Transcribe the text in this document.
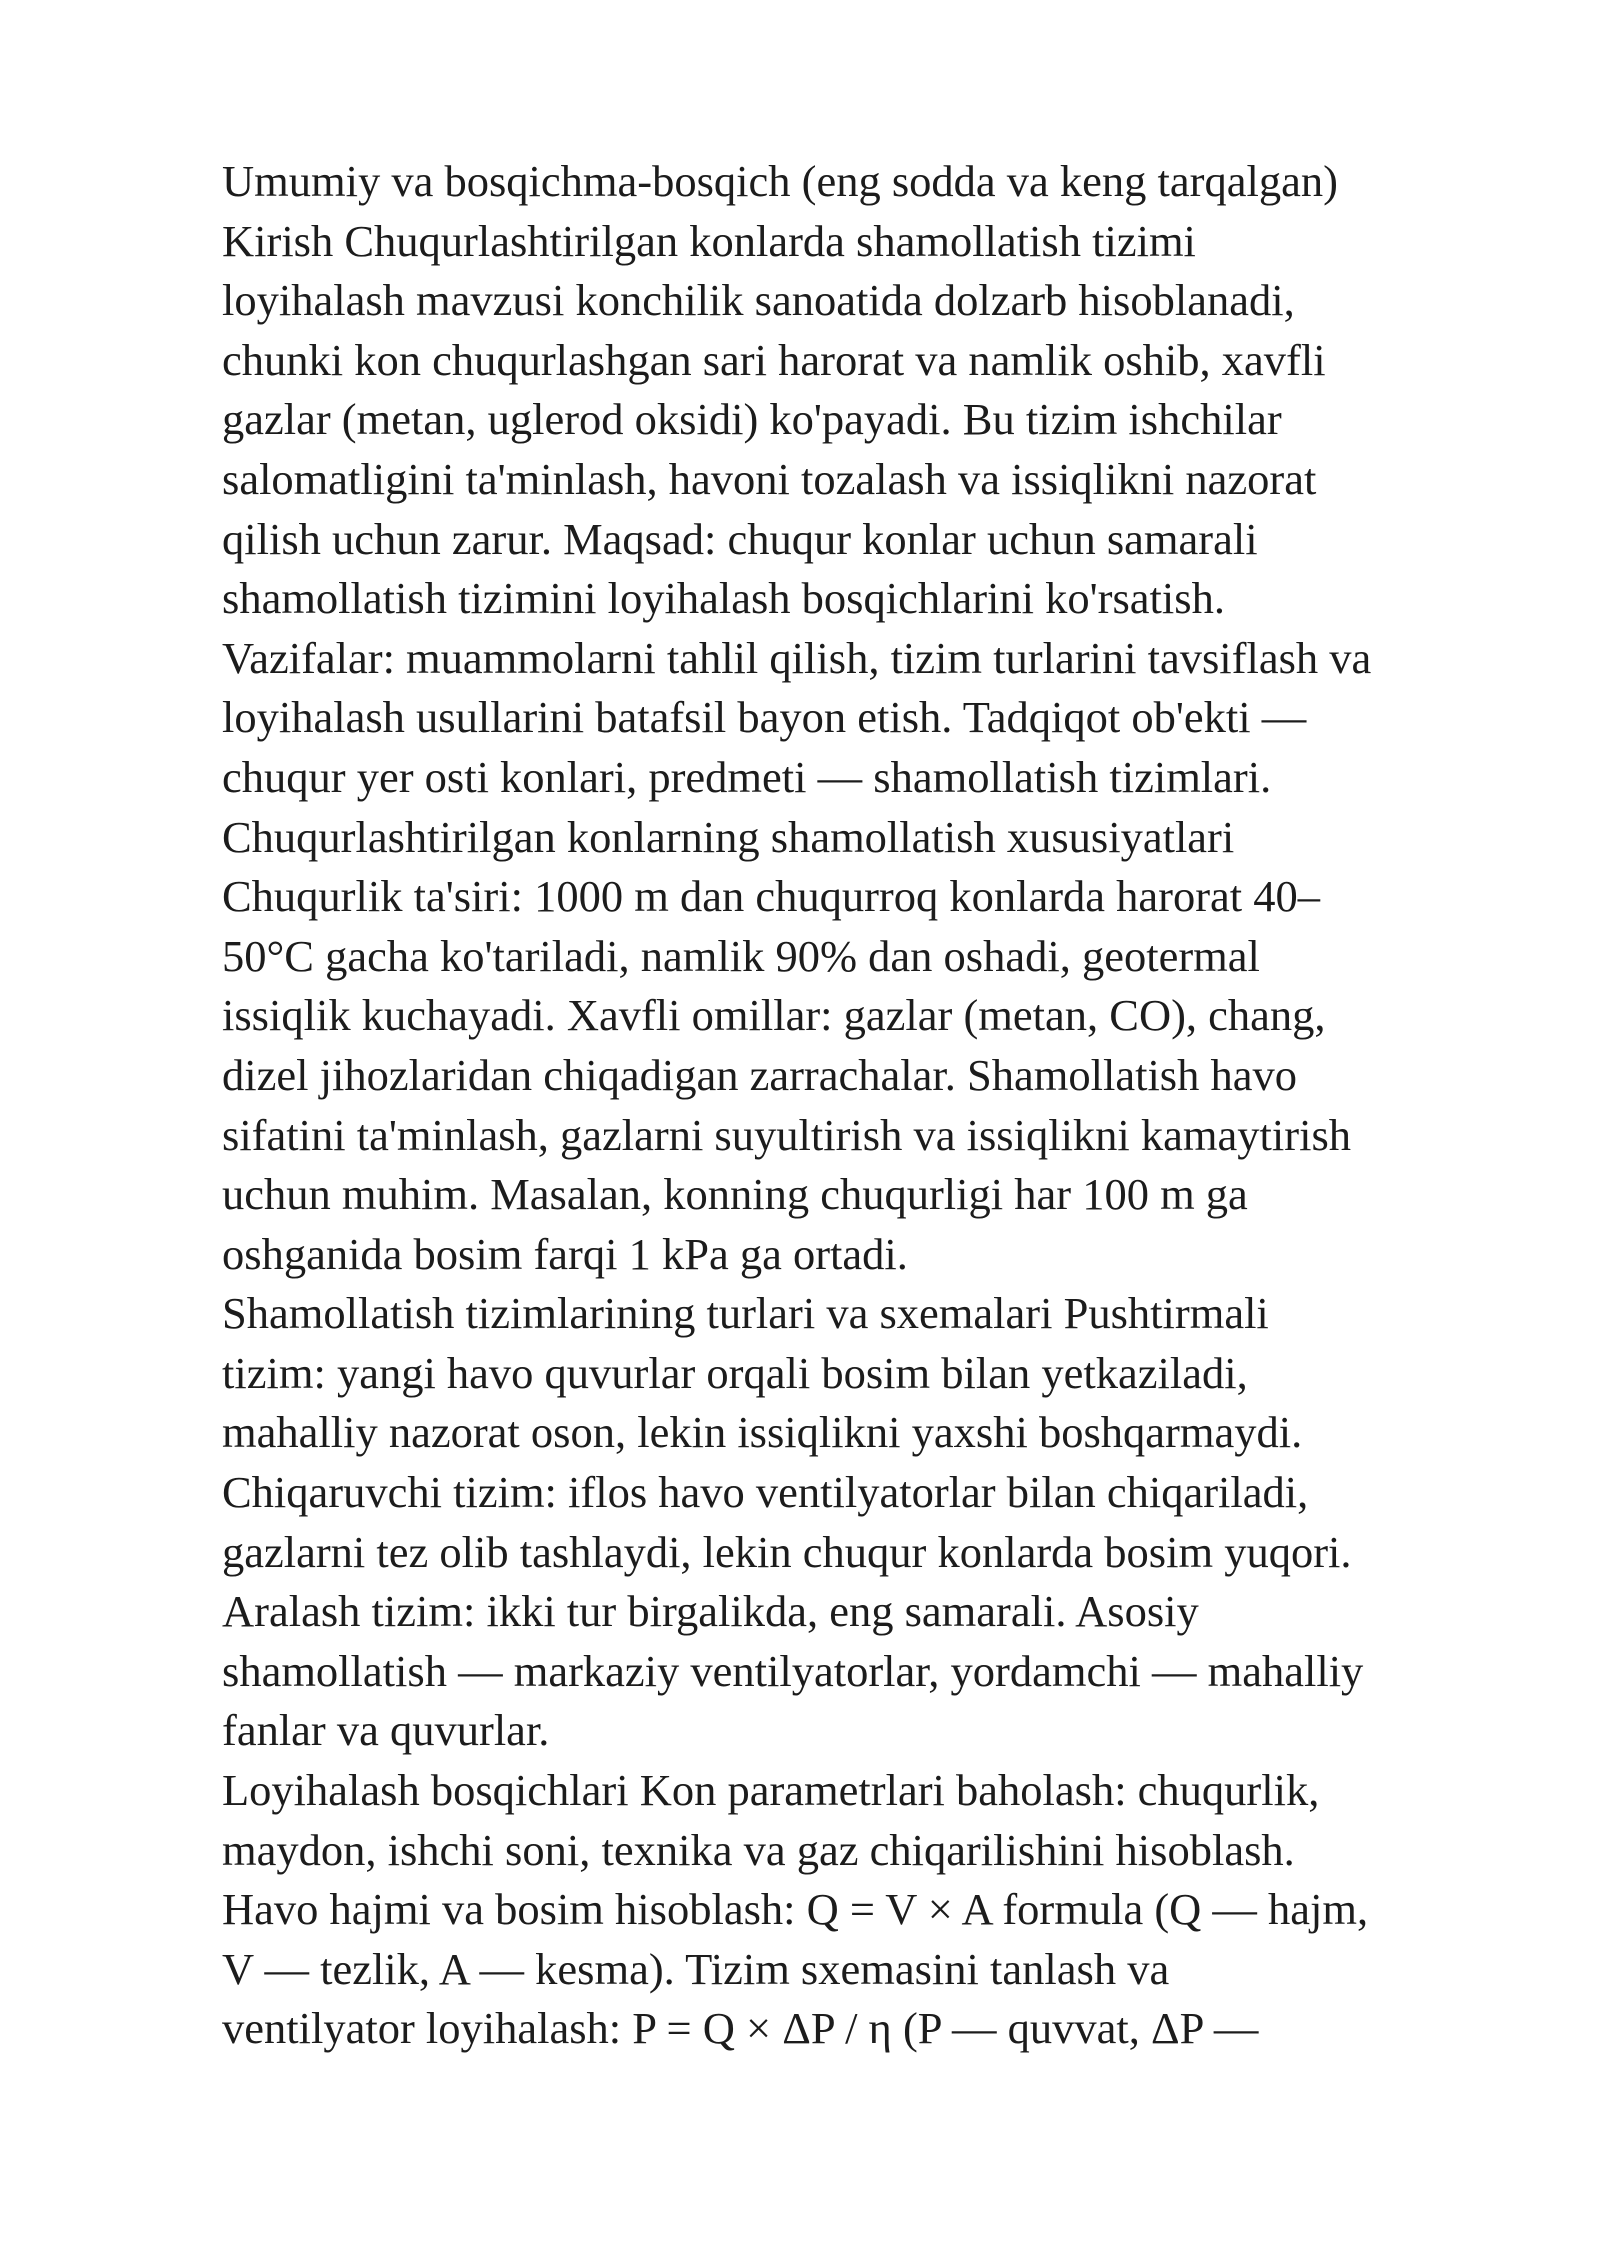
Umumiy va bosqichma-bosqich (eng sodda va keng tarqalgan)
Kirish Chuqurlashtirilgan konlarda shamollatish tizimi
loyihalash mavzusi konchilik sanoatida dolzarb hisoblanadi,
chunki kon chuqurlashgan sari harorat va namlik oshib, xavfli
gazlar (metan, uglerod oksidi) ko'payadi. Bu tizim ishchilar
salomatligini ta'minlash, havoni tozalash va issiqlikni nazorat
qilish uchun zarur. Maqsad: chuqur konlar uchun samarali
shamollatish tizimini loyihalash bosqichlarini ko'rsatish.
Vazifalar: muammolarni tahlil qilish, tizim turlarini tavsiflash va
loyihalash usullarini batafsil bayon etish. Tadqiqot ob'ekti —
chuqur yer osti konlari, predmeti — shamollatish tizimlari.
Chuqurlashtirilgan konlarning shamollatish xususiyatlari
Chuqurlik ta'siri: 1000 m dan chuqurroq konlarda harorat 40–
50°C gacha ko'tariladi, namlik 90% dan oshadi, geotermal
issiqlik kuchayadi. Xavfli omillar: gazlar (metan, CO), chang,
dizel jihozlaridan chiqadigan zarrachalar. Shamollatish havo
sifatini ta'minlash, gazlarni suyultirish va issiqlikni kamaytirish
uchun muhim. Masalan, konning chuqurligi har 100 m ga
oshganida bosim farqi 1 kPa ga ortadi.
Shamollatish tizimlarining turlari va sxemalari Pushtirmali
tizim: yangi havo quvurlar orqali bosim bilan yetkaziladi,
mahalliy nazorat oson, lekin issiqlikni yaxshi boshqarmaydi.
Chiqaruvchi tizim: iflos havo ventilyatorlar bilan chiqariladi,
gazlarni tez olib tashlaydi, lekin chuqur konlarda bosim yuqori.
Aralash tizim: ikki tur birgalikda, eng samarali. Asosiy
shamollatish — markaziy ventilyatorlar, yordamchi — mahalliy
fanlar va quvurlar.
Loyihalash bosqichlari Kon parametrlari baholash: chuqurlik,
maydon, ishchi soni, texnika va gaz chiqarilishini hisoblash.
Havo hajmi va bosim hisoblash: Q = V × A formula (Q — hajm,
V — tezlik, A — kesma). Tizim sxemasini tanlash va
ventilyator loyihalash: P = Q × ΔP / η (P — quvvat, ΔP —
